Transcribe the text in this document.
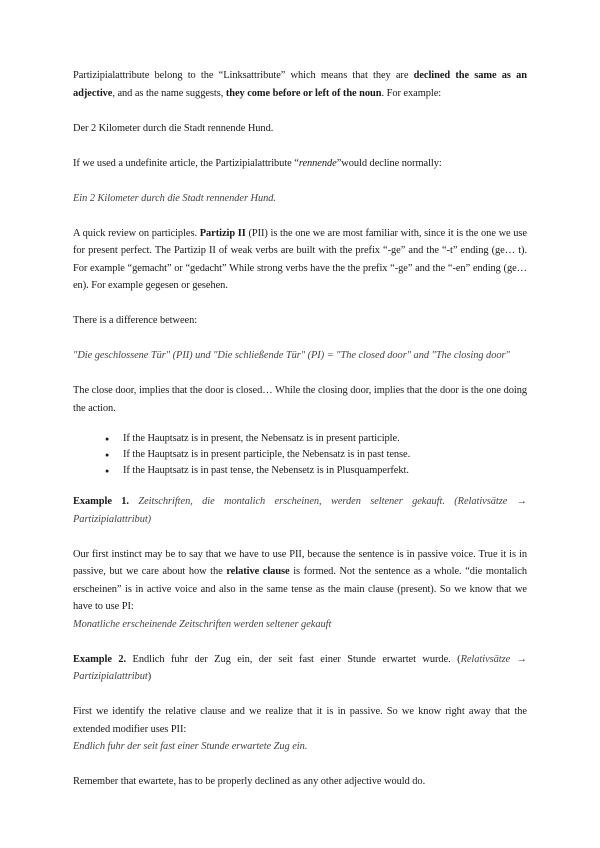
Partizipialattribute belong to the “Linksattribute” which means that they are declined the same as an adjective, and as the name suggests, they come before or left of the noun. For example:

Der 2 Kilometer durch die Stadt rennende Hund.

If we used a undefinite article, the Partizipialattribute “rennende”would decline normally:

Ein 2 Kilometer durch die Stadt rennender Hund.

A quick review on participles. Partizip II (PII) is the one we are most familiar with, since it is the one we use for present perfect. The Partizip II of weak verbs are built with the prefix “-ge” and the “-t” ending (ge… t). For example “gemacht” or “gedacht” While strong verbs have the the prefix “-ge” and the “-en” ending (ge…en). For example gegesen or gesehen.

There is a difference between:

"Die geschlossene Tür" (PII) und "Die schließende Tür" (PI) = "The closed door" and "The closing door"

The close door, implies that the door is closed… While the closing door, implies that the door is the one doing the action.

● If the Hauptsatz is in present, the Nebensatz is in present participle.
● If the Hauptsatz is in present participle, the Nebensatz is in past tense.
● If the Hauptsatz is in past tense, the Nebensetz is in Plusquamperfekt.

Example 1. Zeitschriften, die montalich erscheinen, werden seltener gekauft. (Relativsätze → Partizipialattribut)

Our first instinct may be to say that we have to use PII, because the sentence is in passive voice. True it is in passive, but we care about how the relative clause is formed. Not the sentence as a whole. “die montalich erscheinen” is in active voice and also in the same tense as the main clause (present). So we know that we have to use PI:

Monatliche erscheinende Zeitschriften werden seltener gekauft

Example 2. Endlich fuhr der Zug ein, der seit fast einer Stunde erwartet wurde. (Relativsätze → Partizipialattribut)

First we identify the relative clause and we realize that it is in passive. So we know right away that the extended modifier uses PII:

Endlich fuhr der seit fast einer Stunde erwartete Zug ein.

Remember that ewartete, has to be properly declined as any other adjective would do.
